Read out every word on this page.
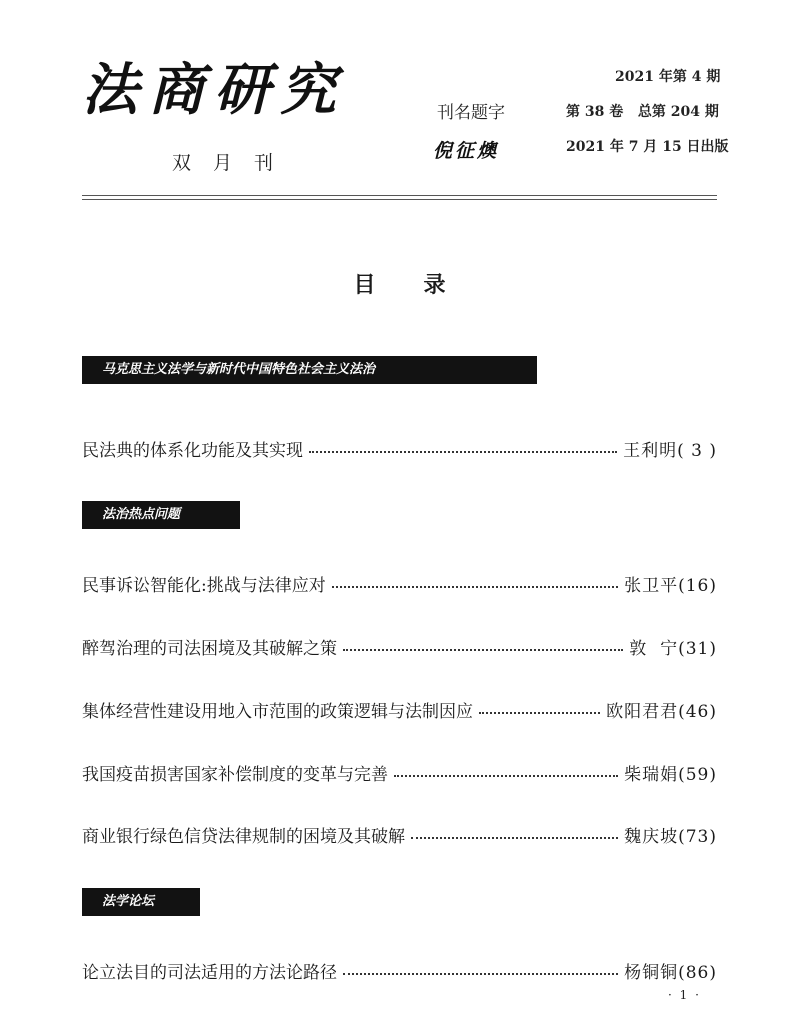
法商研究
双月刊
刊名题字
倪征燠
2021 年第 4 期
第 38 卷   总第 204 期
2021 年 7 月 15 日出版
目录
马克思主义法学与新时代中国特色社会主义法治
民法典的体系化功能及其实现	王利明( 3 )
法治热点问题
民事诉讼智能化:挑战与法律应对	张卫平(16)
醉驾治理的司法困境及其破解之策	敦  宁(31)
集体经营性建设用地入市范围的政策逻辑与法制因应	欧阳君君(46)
我国疫苗损害国家补偿制度的变革与完善	柴瑞娟(59)
商业银行绿色信贷法律规制的困境及其破解	魏庆坡(73)
法学论坛
论立法目的司法适用的方法论路径	杨铜铜(86)
· 1 ·
